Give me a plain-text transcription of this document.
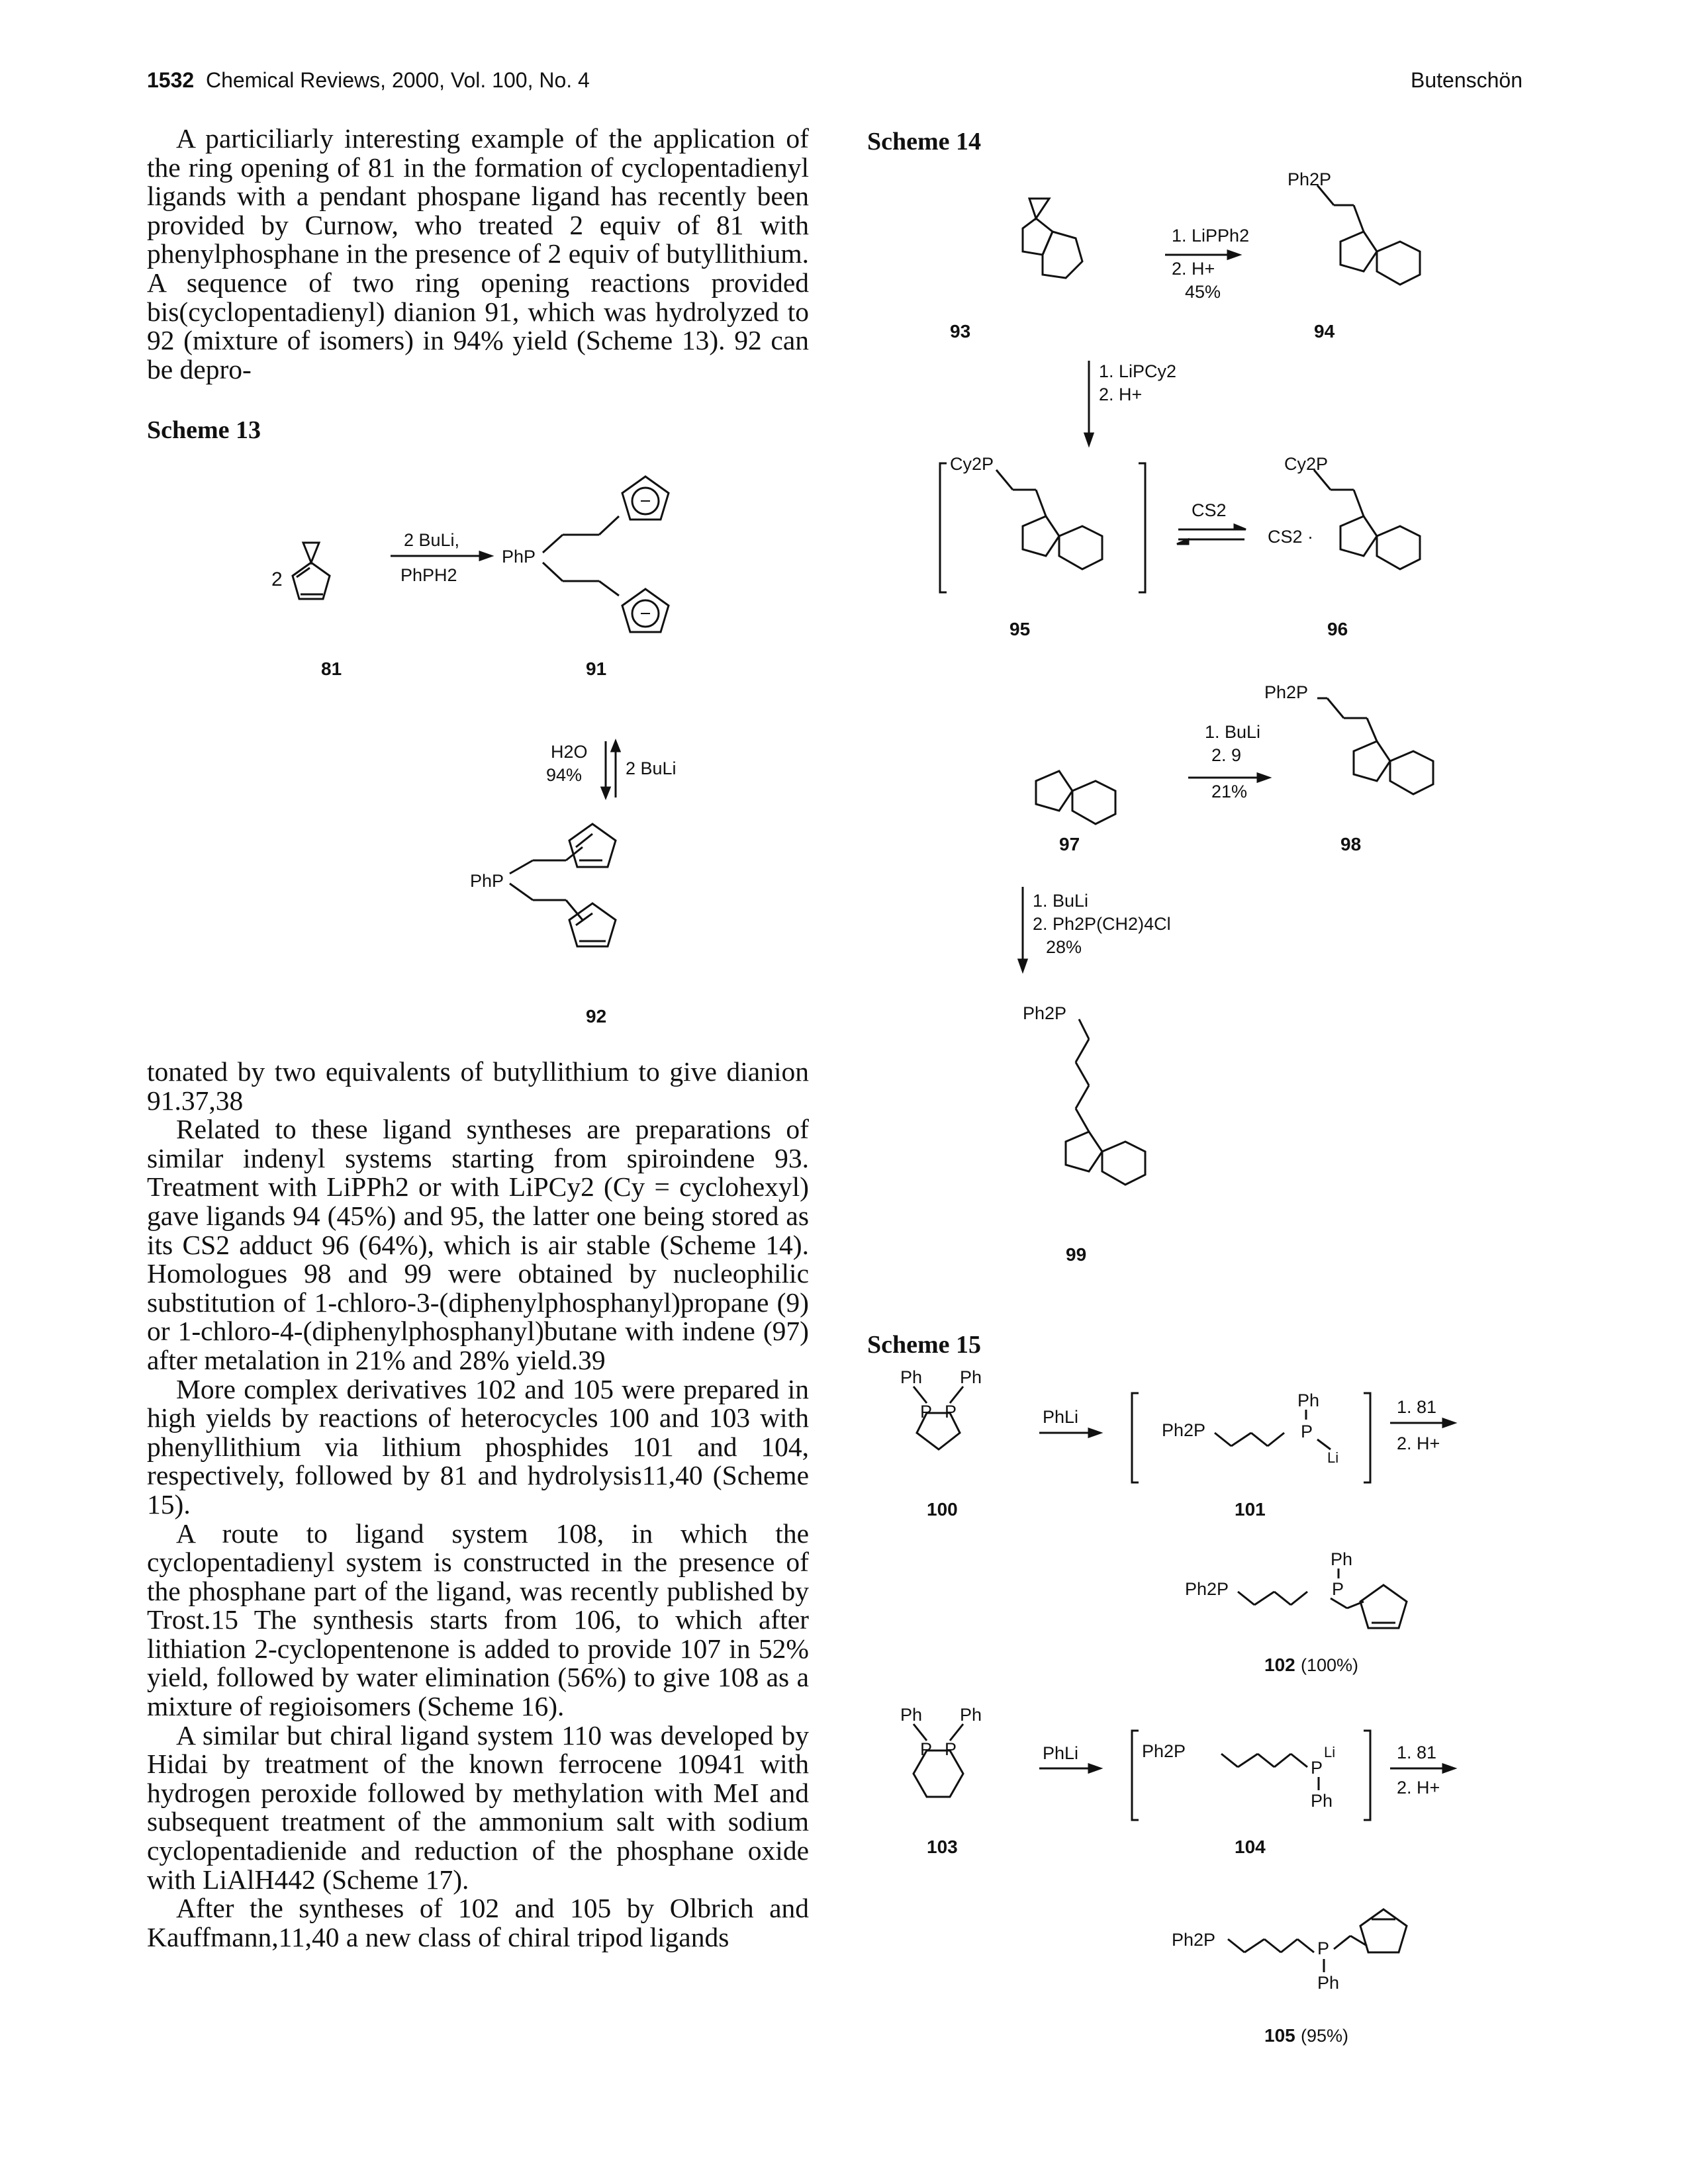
1532 Chemical Reviews, 2000, Vol. 100, No. 4	Butenschön

A particiliarly interesting example of the application of the ring opening of 81 in the formation of cyclopentadienyl ligands with a pendant phospane ligand has recently been provided by Curnow, who treated 2 equiv of 81 with phenylphosphane in the presence of 2 equiv of butyllithium. A sequence of two ring opening reactions provided bis(cyclopentadienyl) dianion 91, which was hydrolyzed to 92 (mixture of isomers) in 94% yield (Scheme 13). 92 can be depro-

tonated by two equivalents of butyllithium to give dianion 91.37,38

Related to these ligand syntheses are preparations of similar indenyl systems starting from spiroindene 93. Treatment with LiPPh2 or with LiPCy2 (Cy = cyclohexyl) gave ligands 94 (45%) and 95, the latter one being stored as its CS2 adduct 96 (64%), which is air stable (Scheme 14). Homologues 98 and 99 were obtained by nucleophilic substitution of 1-chloro-3-(diphenylphosphanyl)propane (9) or 1-chloro-4-(diphenylphosphanyl)butane with indene (97) after metalation in 21% and 28% yield.39

More complex derivatives 102 and 105 were prepared in high yields by reactions of heterocycles 100 and 103 with phenyllithium via lithium phosphides 101 and 104, respectively, followed by 81 and hydrolysis11,40 (Scheme 15).

A route to ligand system 108, in which the cyclopentadienyl system is constructed in the presence of the phosphane part of the ligand, was recently published by Trost.15 The synthesis starts from 106, to which after lithiation 2-cyclopentenone is added to provide 107 in 52% yield, followed by water elimination (56%) to give 108 as a mixture of regioisomers (Scheme 16).

A similar but chiral ligand system 110 was developed by Hidai by treatment of the known ferrocene 10941 with hydrogen peroxide followed by methylation with MeI and subsequent treatment of the ammonium salt with sodium cyclopentadienide and reduction of the phosphane oxide with LiAlH442 (Scheme 17).

After the syntheses of 102 and 105 by Olbrich and Kauffmann,11,40 a new class of chiral tripod ligands

Scheme 13
2
2 BuLi,
PhPH2
PhP
81	91
H2O
94% 2 BuLi
PhP
92
Scheme 14
93	94
1. LiPPh2
2. H+
45%
Ph2P
1. LiPCy2
2. H+
Cy2P
CS2
Cy2P
CS2 ·
95	96
Ph2P
1. BuLi
2. 9
21%
97	98
1. BuLi
2. Ph2P(CH2)4Cl
28%
Ph2P
99
Scheme 15
Ph Ph
P P	PhLi
Ph2P
Ph
P
Li
1. 81
2. H+
100	101
Ph2P
Ph
P
102 (100%)
Ph Ph
P P	PhLi	Ph2P
P
Li
Ph
1. 81
2. H+
103	104
Ph2P	P
Ph
105 (95%)
